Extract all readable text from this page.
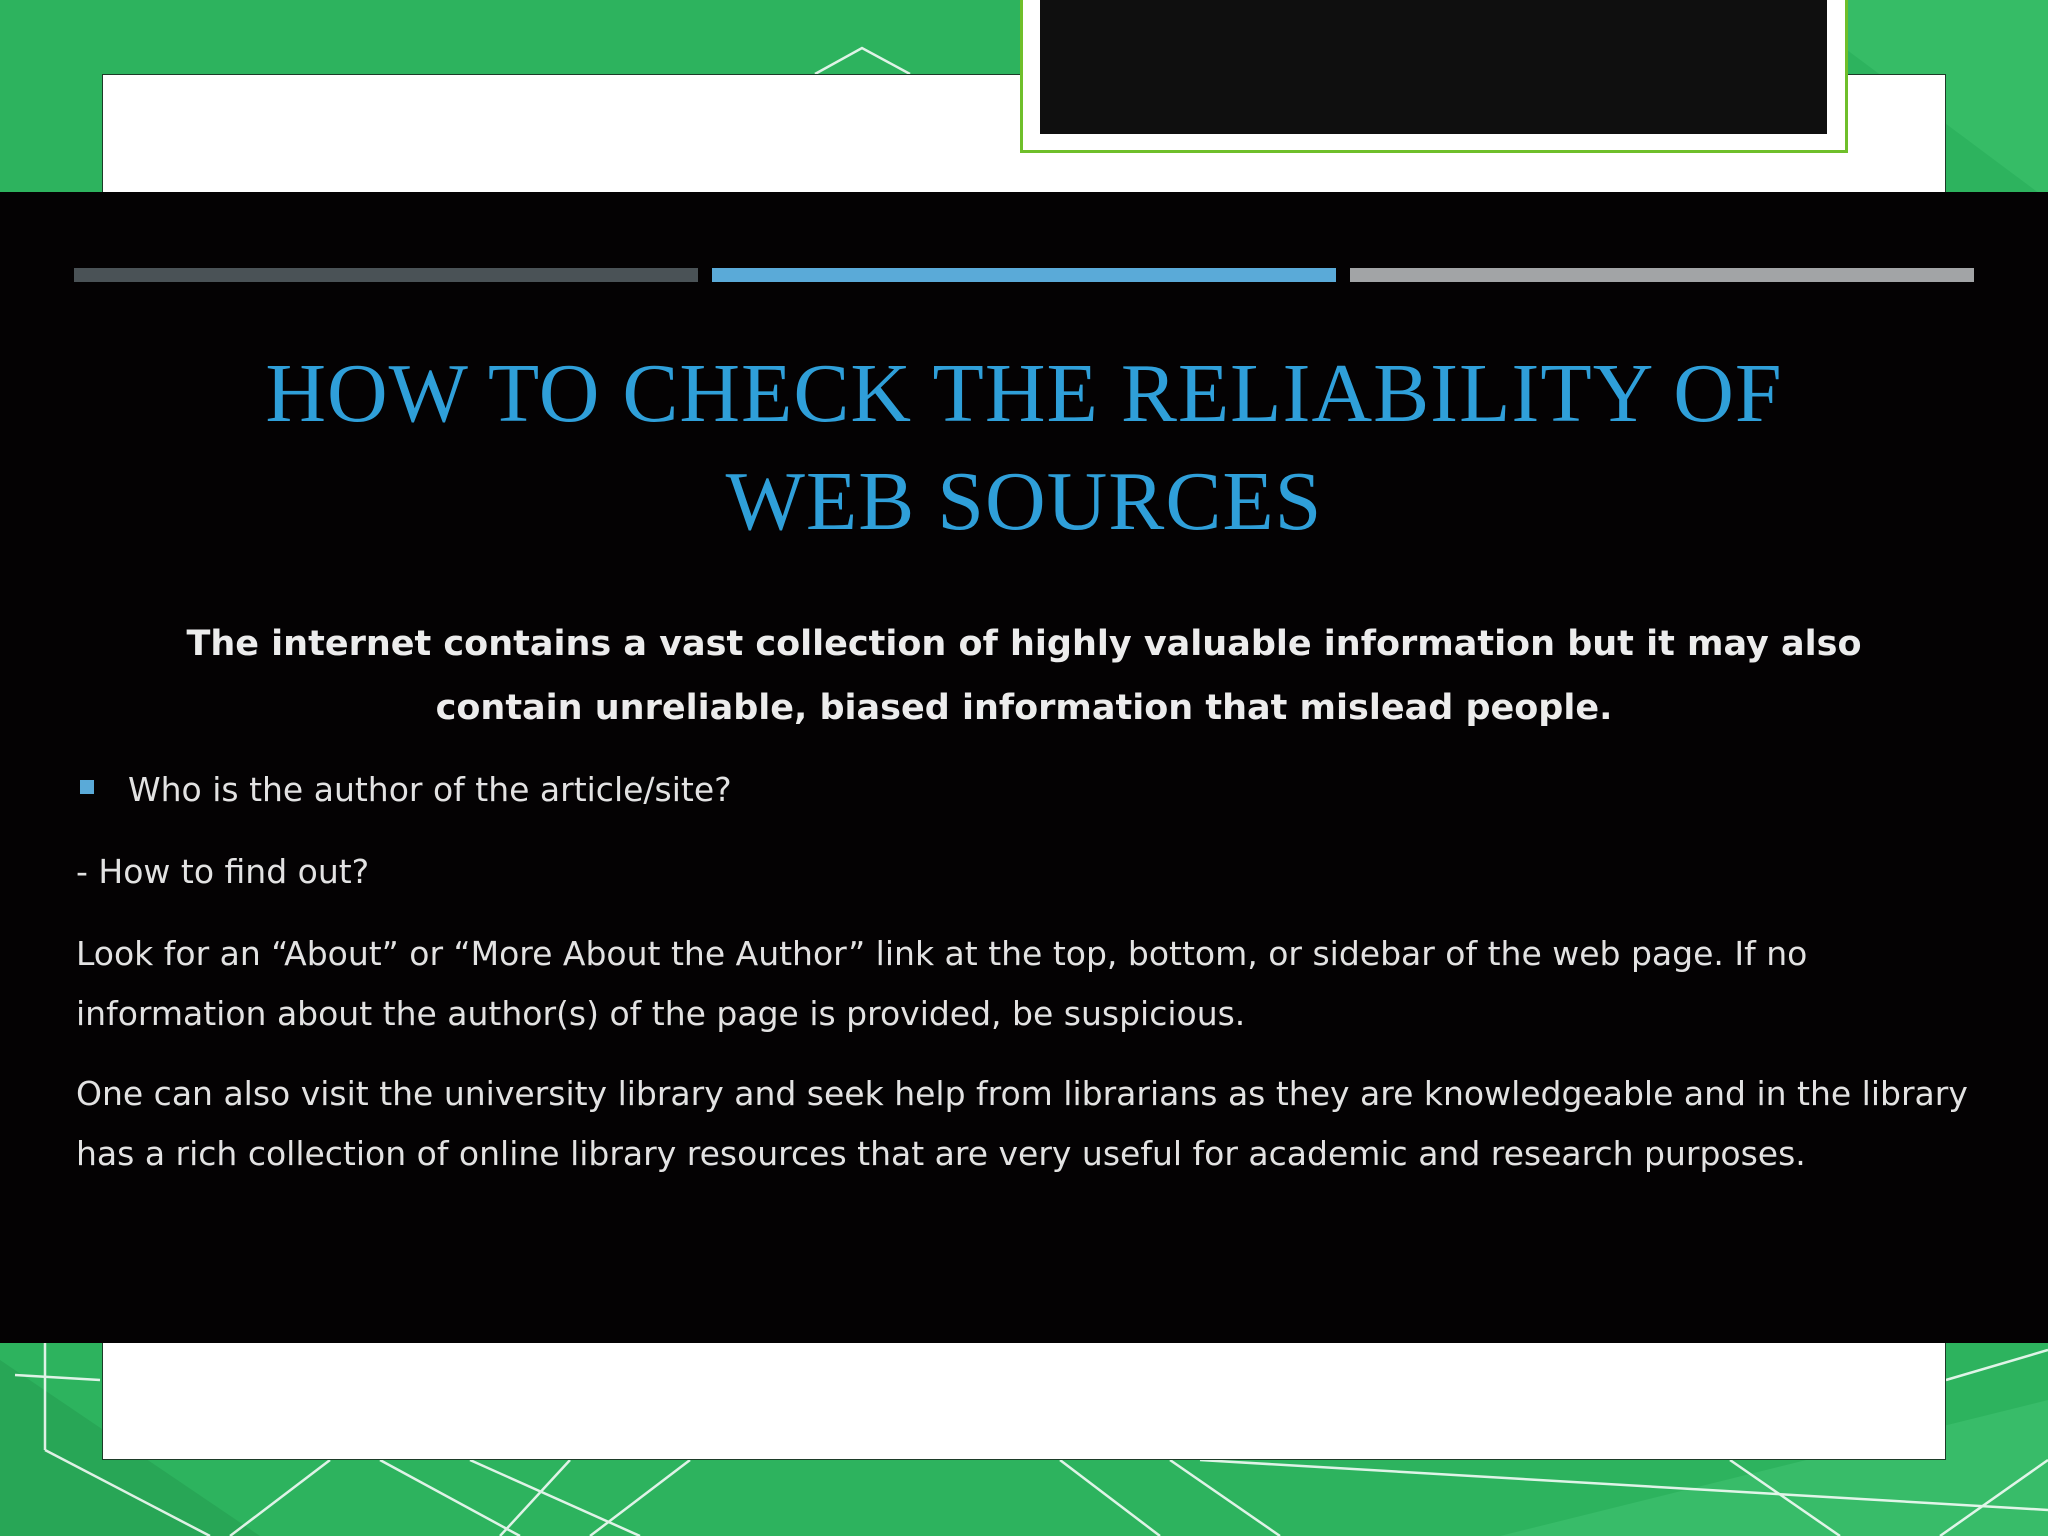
HOW TO CHECK THE RELIABILITY OF
WEB SOURCES

The internet contains a vast collection of highly valuable information but it may also contain unreliable, biased information that mislead people.

Who is the author of the article/site?

- How to find out?

Look for an “About” or “More About the Author” link at the top, bottom, or sidebar of the web page. If no information about the author(s) of the page is provided, be suspicious.

One can also visit the university library and seek help from librarians as they are knowledgeable and in the library has a rich collection of online library resources that are very useful for academic and research purposes.
